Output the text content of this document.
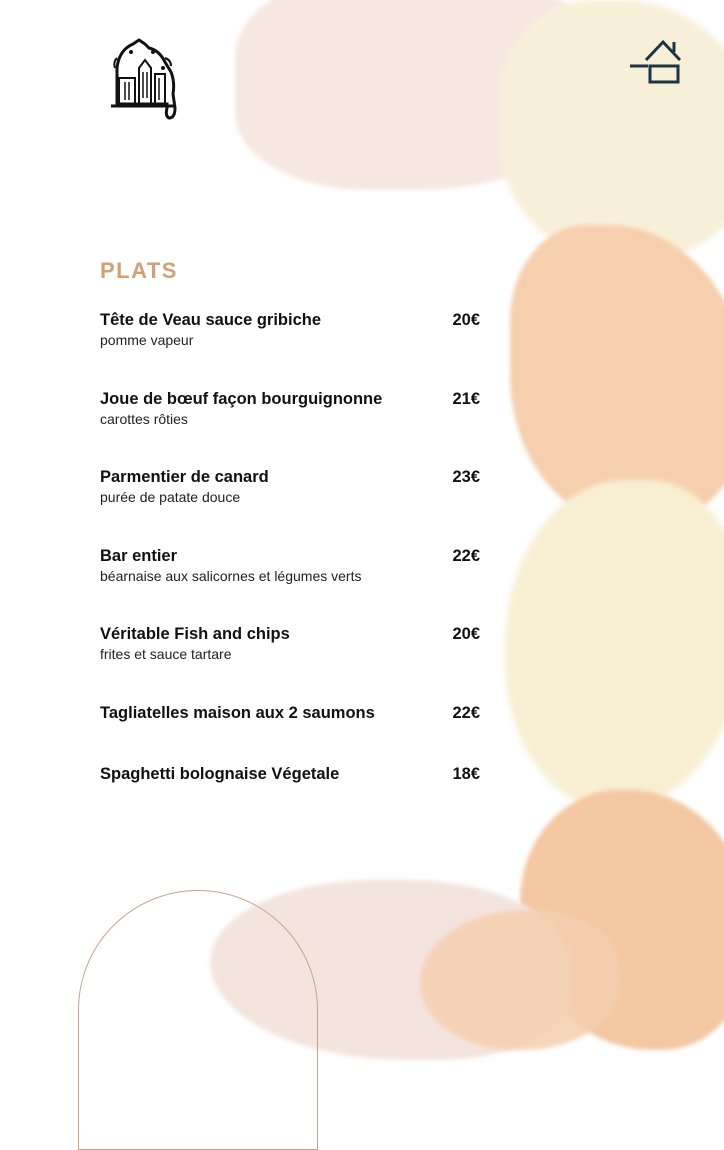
PLATS
Tête de Veau sauce gribiche
pomme vapeur
20€
Joue de bœuf façon bourguignonne
carottes rôties
21€
Parmentier de canard
purée de patate douce
23€
Bar entier
béarnaise aux salicornes et légumes verts
22€
Véritable Fish and chips
frites et sauce tartare
20€
Tagliatelles maison aux 2 saumons	22€
Spaghetti bolognaise Végetale	18€
